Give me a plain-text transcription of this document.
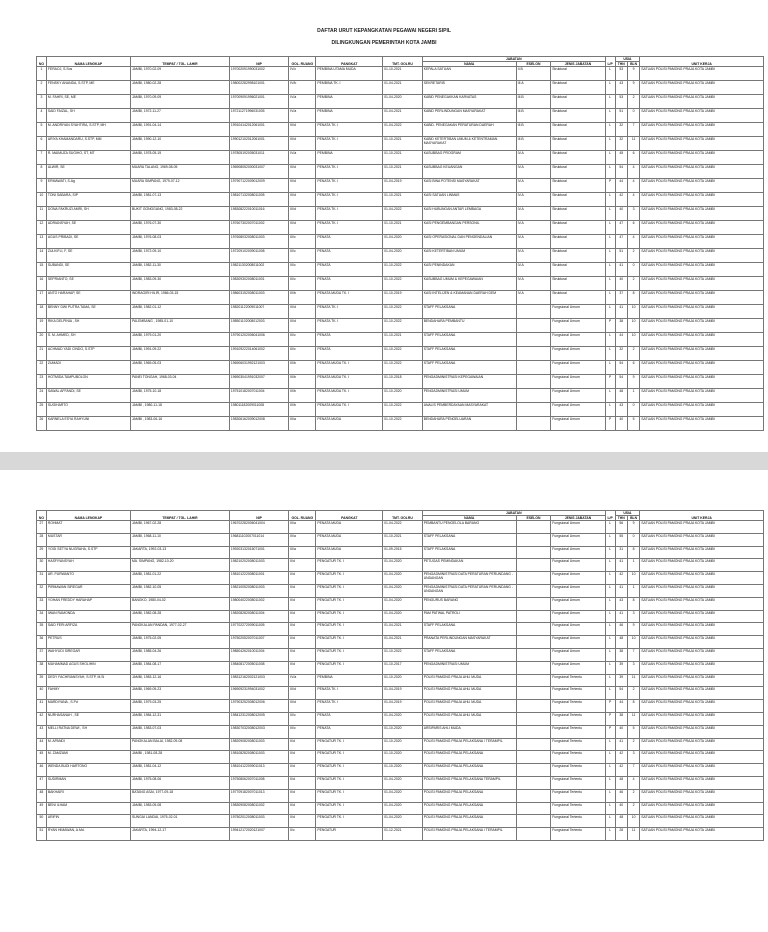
DAFTAR URUT KEPANGKATAN PEGAWAI NEGERI SIPIL
DILINGKUNGAN PEMERINTAH KOTA JAMBI
NO	NAMA LENGKAP	TEMPAT / TGL. LAHIR	NIP	GOL. RUANG	PANGKAT	TMT. GOLRU	JABATAN			L/P	USIA		UNIT KERJA
							NAMA	ESELON	JENIS JABATAN		THN	BLN	
1	FERAOJ, S.Sos	JAMBI, 1970-02-09	197002091990031002	IV/c	PEMBINA UTAMA MUDA	01-10-2021	KEPALA SATUAN	II.B	Struktural	L	53	9	SATUAN POLISI PAMONG PRAJA KOTA JAMBI
2	FENSKY ANANDA, S.STP, ME	JAMBI, 1980-02-28	198002282998101001	IV/b	PEMBINA TK. I	01-04-2021	SEKRETARIS	III.A	Struktural	L	43	9	SATUAN POLISI PAMONG PRAJA KOTA JAMBI
3	M. FAHRI, SE, ME	JAMBI, 1970-09-09	197009091996021001	IV/a	PEMBINA	01-04-2020	KABID PENEGAKKAN KARVATAS	III.B	Struktural	L	53	2	SATUAN POLISI PAMONG PRAJA KOTA JAMBI
4	SAID FAIZAL, SH	JAMBI, 1972-11-27	197211271996031005	IV/a	PEMBINA	01-04-2021	KABID PERLINDUNGAN MASYARAKAT	III.B	Struktural	L	51	0	SATUAN POLISI PAMONG PRAJA KOTA JAMBI
5	M. ANDRIYAN SYAHTIRA, S.STP, MH	JAMBI, 1991-04-14	199104142012061001	III/d	PENATA TK. I	01-04-2022	KABID. PENEGAKAN PERATURAN DAERAH	III.B	Struktural	L	32	7	SATUAN POLISI PAMONG PRAJA KOTA JAMBI
6	ARIYA KHAMANDARU, S.STP, MM	JAMBI, 1990-12-10	199012102012061001	III/d	PENATA TK. I	01-10-2021	KABID KETERTIBAN UMUM & KETENTRAMAN MASYARAKAT	III.B	Struktural	L	32	11	SATUAN POLISI PAMONG PRAJA KOTA JAMBI
7	R. MAIMUZA SUGIHO, ST, MT	JAMBI, 1978-05-19	197805192005031011	IV/a	PEMBINA	01-10-2021	KASUBBAG PROGRAM	IV.A	Struktural	L	45	6	SATUAN POLISI PAMONG PRAJA KOTA JAMBI
8	ALWIR, SE	MUARA TALANG, 1969-08-05	196908052000031007	III/d	PENATA TK. I	01-10-2021	KASUBBAG KEUANGAN	IV.A	Struktural	L	54	4	SATUAN POLISI PAMONG PRAJA KOTA JAMBI
9	ERMAWATI, S.Ag	MUARA SIMPANG, 1979-07-12	197907122009012009	III/d	PENATA TK. I	01-04-2019	KASI BINA POTENSI MASYARAKAT	IV.A	Struktural	P	44	4	SATUAN POLISI PAMONG PRAJA KOTA JAMBI
10	TONI SABARA, SIP	JAMBI, 1981-07-13	198107132008011005	III/d	PENATA TK. I	01-10-2021	KASI SATUAN LINMAS	IV.A	Struktural	L	42	4	SATUAN POLISI PAMONG PRAJA KOTA JAMBI
11	DONA FAKRUZI AMRI, SH	BUKIT GONGGANG, 1983-08-22	198308222010011016	III/d	PENATA TK. I	01-04-2022	KASI HUBUNGAN ANTAR LEMBAGA	IV.A	Struktural	L	40	3	SATUAN POLISI PAMONG PRAJA KOTA JAMBI
12	ADRIANSYAH, SE	JAMBI, 1976-07-30	197607302007011002	III/d	PENATA TK. I	01-10-2021	KASI PENGEMBANGAN PERSONIL	IV.A	Struktural	L	47	6	SATUAN POLISI PAMONG PRAJA KOTA JAMBI
13	AGUS PRIBADI, SE	JAMBI, 1976-08-03	197608032008011003	III/c	PENATA	01-04-2020	KASI OPERASIONAL DAN PENGENDALIAN	IV.A	Struktural	L	47	4	SATUAN POLISI PAMONG PRAJA KOTA JAMBI
14	ZULKIFLI, F, SE	JAMBI, 1972-09-10	197209102009011008	III/c	PENATA	01-04-2020	KASI KETERTIBAN UMUM	IV.A	Struktural	L	51	2	SATUAN POLISI PAMONG PRAJA KOTA JAMBI
15	SUBANDI, SE	JAMBI, 1982-11-30	198211302008011002	III/c	PENATA	01-10-2022	KASI PENINDAKAN	IV.A	Struktural	L	41	0	SATUAN POLISI PAMONG PRAJA KOTA JAMBI
16	SEPRIANTO, SE	JAMBI, 1983-09-30	198309302008011001	III/c	PENATA	01-10-2022	KASUBBAG UMUM & KEPEGAWAIAN	IV.A	Struktural	L	40	2	SATUAN POLISI PAMONG PRAJA KOTA JAMBI
17	ANTO HARAHAP, SE	INDRAGIRI HILIR, 1986-03-15	198603152008011003	III/b	PENATA MUDA TK. I	01-10-2019	KASI INTELIJEN & KEAMANAN DAERAH DEM	IV.A	Struktural	L	37	8	SATUAN POLISI PAMONG PRAJA KOTA JAMBI
18	BENNY DWI PUTRA TAMA, SE	JAMBI, 1982-01-12	198201122009011007	III/d	PENATA TK. I	01-10-2022	STAFF PELAKSANA		Fungsional Umum	L	41	10	SATUAN POLISI PAMONG PRAJA KOTA JAMBI
19	RIKA DELPINIA , SH	PALEMBANG , 1985-01-10	198501102008012003	III/d	PENATA TK. I	01-10-2022	BENDAHARA PEMBANTU		Fungsional Umum	P	38	10	SATUAN POLISI PAMONG PRAJA KOTA JAMBI
20	S. M. AHMED, SH	JAMBI, 1979-01-20	197901202006041006	III/c	PENATA	01-10-2021	STAFF PELAKSANA		Fungsional Umum	L	44	10	SATUAN POLISI PAMONG PRAJA KOTA JAMBI
21	ACHMAD YADI CINDO, S.STP	JAMBI, 1991-09-22	199109222014061002	III/c	PENATA	01-10-2022	STAFF PELAKSANA		Fungsional Umum	L	32	2	SATUAN POLISI PAMONG PRAJA KOTA JAMBI
22	ZUMADI	JAMBI, 1969-05-03	196906031992121003	III/b	PENATA MUDA TK. I	01-10-2022	STAFF PELAKSANA		Fungsional Umum	L	54	6	SATUAN POLISI PAMONG PRAJA KOTA JAMBI
23	HOTMIDA TAMPUBOLON	PANEI TONGAH, 1968-03-04	196903041991032007	III/b	PENATA MUDA TK. I	01-10-2018	PENGADMINISTRASI KEPEGAWAIAN		Fungsional Umum	P	54	9	SATUAN POLISI PAMONG PRAJA KOTA JAMBI
24	SAWAL AFFANDI, SE	JAMBI, 1975-10-18	197510182007011004	III/b	PENATA MUDA TK. I	01-10-2020	PENGADMINISTRASI UMUM		Fungsional Umum	L	48	1	SATUAN POLISI PAMONG PRAJA KOTA JAMBI
25	SUGIHARTO	JAMBI , 1980-11-18	198011182009011008	III/b	PENATA MUDA TK. I	01-10-2022	ANALIS PEMBERDAYAAN MASYARAKAT		Fungsional Umum	L	43	0	SATUAN POLISI PAMONG PRAJA KOTA JAMBI
26	KARNELA ESYA RAHYUNI	JAMBI , 1983-06-16	198306162009012008	III/a	PENATA MUDA	01-10-2022	BENDAHARA PENGELUARAN		Fungsional Umum	P	40	5	SATUAN POLISI PAMONG PRAJA KOTA JAMBI
NO	NAMA LENGKAP	TEMPAT / TGL. LAHIR	NIP	GOL. RUANG	PANGKAT	TMT. GOLRU	JABATAN			L/P	USIA		UNIT KERJA
							NAMA	ESELON	JENIS JABATAN		THN	BLN	
27	ROHMAT	JAMBI, 1967-02-28	196702282006041004	III/a	PENATA MUDA	01-04-2022	PEMBANTU PENGELOLA BARANG		Fungsional Umum	L	56	9	SATUAN POLISI PAMONG PRAJA KOTA JAMBI
28	MUSTAR	JAMBI, 1968-11-10	196811102007011014	III/a	PENATA MUDA	01-10-2021	STAFF PELAKSANA		Fungsional Umum	L	55	0	SATUAN POLISI PAMONG PRAJA KOTA JAMBI
29	YOGI SETYA NUGRAHA, S.STP	JAKARTA, 1992-03-13	199203132015071001	III/a	PENATA MUDA	01-09-2015	STAFF PELAKSANA		Fungsional Umum	L	31	8	SATUAN POLISI PAMONG PRAJA KOTA JAMBI
30	HASFIYANSYAH	MA. SIMPANG, 1982-10-20	198210202008011003	II/d	PENGATUR TK. I	01-04-2020	PETUGAS PEMINDAKAN		Fungsional Umum	L	41	1	SATUAN POLISI PAMONG PRAJA KOTA JAMBI
31	AR. PURWANTO	JAMBI, 1981-01-22	198101222008011001	II/d	PENGATUR TK. I	01-04-2020	PENGADMINISTRASI DATA PERATURAN PERUNDANG - UNDANGAN		Fungsional Umum	L	42	10	SATUAN POLISI PAMONG PRAJA KOTA JAMBI
32	PIRMAWAN SIREGAR	JAMBI, 1982-10-05	198210052008011003	II/d	PENGATUR TK. I	01-04-2020	PENGADMINISTRASI DATA PERATURAN PERUNDANG - UNDANGAN		Fungsional Umum	L	41	1	SATUAN POLISI PAMONG PRAJA KOTA JAMBI
33	YOHAN FREDDY HARAHAP	BANGKO, 1980-04-02	198004022008011002	II/d	PENGATUR TK. I	01-04-2020	PENGURUS BARANG		Fungsional Umum	L	43	8	SATUAN POLISI PAMONG PRAJA KOTA JAMBI
34	IWAN RAMONDA	JAMBI, 1982-08-28	198208282008011004	II/d	PENGATUR TK. I	01-04-2020	PAM PATWAL PATROLI		Fungsional Umum	L	41	3	SATUAN POLISI PAMONG PRAJA KOTA JAMBI
35	SAID FERI ARFIZA	PANGKALAN PANDAN, 1977-02-27	197702272009011005	II/d	PENGATUR TK. I	01-04-2021	STAFF PELAKSANA		Fungsional Umum	L	46	9	SATUAN POLISI PAMONG PRAJA KOTA JAMBI
36	PETRUS	JAMBI, 1975-02-05	197502052007011007	II/d	PENGATUR TK. I	01-04-2021	PRANATA PERLINDUNGAN MASYARAKAT		Fungsional Umum	L	48	10	SATUAN POLISI PAMONG PRAJA KOTA JAMBI
37	WAHYUDI SIREGAR	JAMBI, 1985-04-26	198504262010011004	II/d	PENGATUR TK. I	01-10-2022	STAFF PELAKSANA		Fungsional Umum	L	38	7	SATUAN POLISI PAMONG PRAJA KOTA JAMBI
38	MUHAMMAD AGUS SHOLIHIN	JAMBI, 1984-08-17	198408172005011008	II/d	PENGATUR TK. I	01-10-2017	PENGADMINISTRASI UMUM		Fungsional Umum	L	39	3	SATUAN POLISI PAMONG PRAJA KOTA JAMBI
39	DEDY FACHRIANSYAH, S.STP, M.Si	JAMBI, 1983-12-16	198312162002121003	IV/a	PEMBINA	01-10-2020	POLISI PAMONG PRAJA AHLI MUDA		Fungsional Tertentu	L	39	11	SATUAN POLISI PAMONG PRAJA KOTA JAMBI
40	FAHMY	JAMBI, 1969-09-23	196909231994031002	III/d	PENATA TK. I	01-04-2019	POLISI PAMONG PRAJA AHLI MUDA		Fungsional Tertentu	L	54	2	SATUAN POLISI PAMONG PRAJA KOTA JAMBI
41	MARDIYANA , S.Pd	JAMBI, 1979-03-25	197903252008012006	III/d	PENATA TK. I	01-04-2019	POLISI PAMONG PRAJA AHLI MUDA		Fungsional Tertentu	P	44	8	SATUAN POLISI PAMONG PRAJA KOTA JAMBI
42	NURHASANAH , SE	JAMBI, 1984-12-31	198412312008012005	III/c	PENATA	01-04-2020	POLISI PAMONG PRAJA AHLI MUDA		Fungsional Tertentu	P	38	11	SATUAN POLISI PAMONG PRAJA KOTA JAMBI
43	MELLI RATNA DEWI , SH	JAMBI, 1983-07-03	198307032008012003	III/c	PENATA	01-10-2020	ARSIPARIS AHLI MUDA		Fungsional Tertentu	P	40	5	SATUAN POLISI PAMONG PRAJA KOTA JAMBI
44	M. APANDI	PANGKALAN BALAI, 1982-09-08	198209082008011003	II/d	PENGATUR TK. I	01-10-2020	POLISI PAMONG PRAJA PELAKSANA / TERAMPIL		Fungsional Tertentu	L	41	2	SATUAN POLISI PAMONG PRAJA KOTA JAMBI
45	M. ZAMZAMI	JAMBI , 1981-08-28	198108282008011003	II/d	PENGATUR TK. I	01-10-2020	POLISI PAMONG PRAJA PELAKSANA		Fungsional Tertentu	L	42	3	SATUAN POLISI PAMONG PRAJA KOTA JAMBI
46	WENDA BUDI HARTONO	JAMBI, 1981-04-12	198104122009011013	II/d	PENGATUR TK. I	01-10-2020	POLISI PAMONG PRAJA PELAKSANA		Fungsional Tertentu	L	42	7	SATUAN POLISI PAMONG PRAJA KOTA JAMBI
47	SUDIRMAN	JAMBI, 1975-08-06	197508062007011008	II/d	PENGATUR TK. I	01-04-2020	POLISI PAMONG PRAJA PELAKSANA TERAMPIL		Fungsional Tertentu	L	48	4	SATUAN POLISI PAMONG PRAJA KOTA JAMBI
48	BAKHAIRI	BATANG ASAI, 1977-09-18	197709182007011013	II/d	PENGATUR TK. I	01-04-2020	POLISI PAMONG PRAJA PELAKSANA		Fungsional Tertentu	L	46	2	SATUAN POLISI PAMONG PRAJA KOTA JAMBI
49	BENI ILHAM	JAMBI, 1983-09-08	198309082008011002	II/d	PENGATUR TK. I	01-04-2020	POLISI PAMONG PRAJA PELAKSANA		Fungsional Tertentu	L	40	2	SATUAN POLISI PAMONG PRAJA KOTA JAMBI
50	ARIFIN	SUNGAI LANDAI, 1975-02-01	197502012008011003	II/d	PENGATUR TK. I	01-04-2020	POLISI PAMONG PRAJA PELAKSANA		Fungsional Tertentu	L	48	10	SATUAN POLISI PAMONG PRAJA KOTA JAMBI
51	RYAN HIMAWAN, A.Md.	JAKARTA, 1994-12-17	199412172020121007	II/c	PENGATUR	01-12-2021	POLISI PAMONG PRAJA PELAKSANA / TERAMPIL		Fungsional Tertentu	L	28	11	SATUAN POLISI PAMONG PRAJA KOTA JAMBI
